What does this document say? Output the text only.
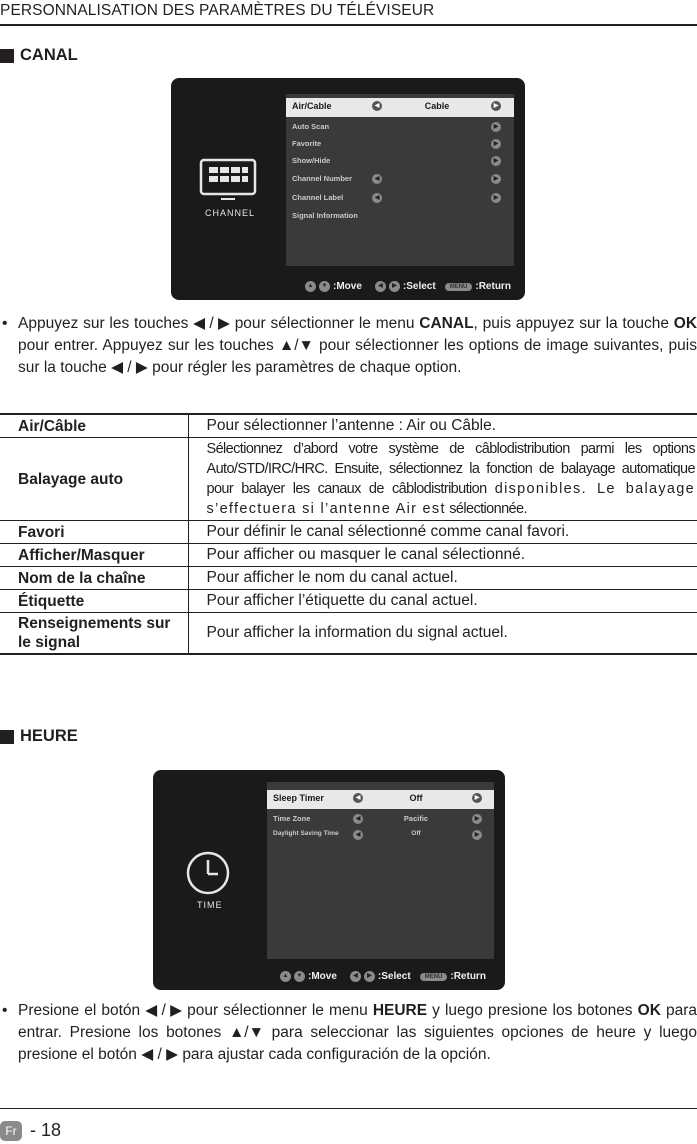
PERSONNALISATION DES PARAMÈTRES DU TÉLÉVISEUR
CANAL
CHANNEL
Air/Cable	◀	Cable	▶
Auto Scan	▶
Favorite	▶
Show/Hide	▶
Channel Number	◀	▶
Channel Label	◀	▶
Signal Information
▲	▼ :Move	◀	▶ :Select	MENU :Return
• Appuyez sur les touches ◀ / ▶ pour sélectionner le menu CANAL, puis appuyez sur la touche OK pour entrer. Appuyez sur les touches ▲/▼ pour sélectionner les options de image suivantes, puis sur la touche ◀ / ▶ pour régler les paramètres de chaque option.
Air/Câble	Pour sélectionner l’antenne : Air ou Câble.
Balayage auto	Sélectionnez d’abord votre système de câblodistribution parmi les options Auto/STD/IRC/HRC. Ensuite, sélectionnez la fonction de balayage automatique pour balayer les canaux de câblodistribution disponibles. Le balayage s’effectuera si l’antenne Air est sélectionnée.
Favori	Pour définir le canal sélectionné comme canal favori.
Afficher/Masquer	Pour afficher ou masquer le canal sélectionné.
Nom de la chaîne	Pour afficher le nom du canal actuel.
Étiquette	Pour afficher l’étiquette du canal actuel.
Renseignements sur le signal	Pour afficher la information du signal actuel.
HEURE
TIME
Sleep Timer	◀	Off	▶
Time Zone	◀	Pacific	▶
Daylight Saving Time	◀	Off	▶
▲	▼ :Move	◀	▶ :Select	MENU :Return
• Presione el botón ◀ / ▶ pour sélectionner le menu HEURE y luego presione los botones OK para entrar. Presione los botones ▲/▼ para seleccionar las siguientes opciones de heure y luego presione el botón ◀ / ▶ para ajustar cada configuración de la opción.
Fr - 18
